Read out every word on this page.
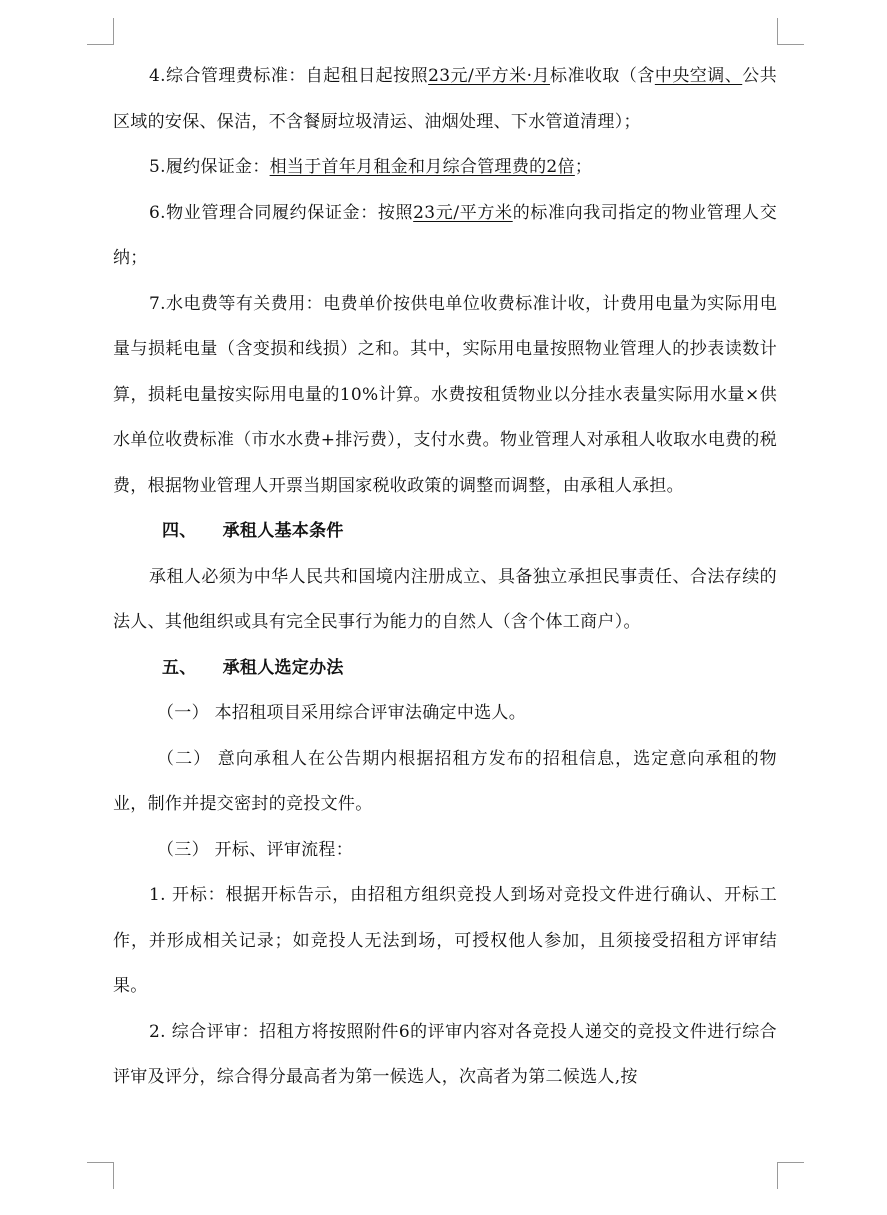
4.综合管理费标准：自起租日起按照23元/平方米·月标准收取（含中央空调、公共区域的安保、保洁，不含餐厨垃圾清运、油烟处理、下水管道清理）；

5.履约保证金：相当于首年月租金和月综合管理费的2倍；

6.物业管理合同履约保证金：按照23元/平方米的标准向我司指定的物业管理人交纳；

7.水电费等有关费用：电费单价按供电单位收费标准计收，计费用电量为实际用电量与损耗电量（含变损和线损）之和。其中，实际用电量按照物业管理人的抄表读数计算，损耗电量按实际用电量的10%计算。水费按租赁物业以分挂水表量实际用水量×供水单位收费标准（市水水费+排污费），支付水费。物业管理人对承租人收取水电费的税费，根据物业管理人开票当期国家税收政策的调整而调整，由承租人承担。

四、 承租人基本条件

承租人必须为中华人民共和国境内注册成立、具备独立承担民事责任、合法存续的法人、其他组织或具有完全民事行为能力的自然人（含个体工商户）。

五、 承租人选定办法

（一） 本招租项目采用综合评审法确定中选人。

（二） 意向承租人在公告期内根据招租方发布的招租信息，选定意向承租的物业，制作并提交密封的竞投文件。

（三） 开标、评审流程：

1. 开标：根据开标告示，由招租方组织竞投人到场对竞投文件进行确认、开标工作，并形成相关记录；如竞投人无法到场，可授权他人参加，且须接受招租方评审结果。

2. 综合评审：招租方将按照附件6的评审内容对各竞投人递交的竞投文件进行综合评审及评分，综合得分最高者为第一候选人，次高者为第二候选人,按
